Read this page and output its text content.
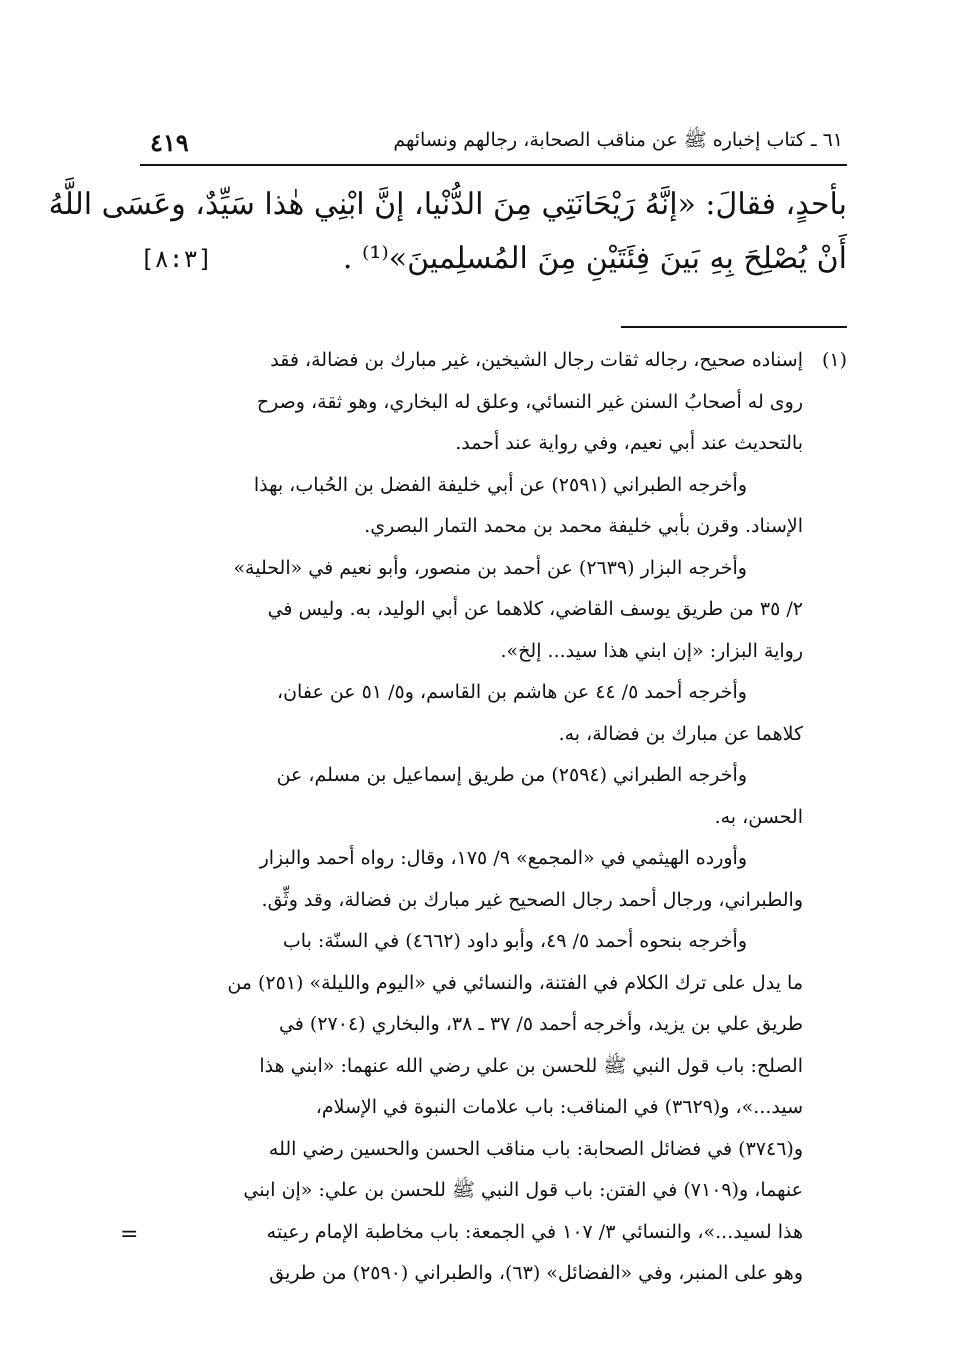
٦١ ـ كتاب إخباره ﷺ عن مناقب الصحابة، رجالهم ونسائهم
٤١٩
بأحدٍ، فقالَ: «إنَّهُ رَيْحَانَتِي مِنَ الدُّنْيا، إنَّ ابْنِي هٰذا سَيِّدٌ، وعَسَى اللَّهُ
أَنْ يُصْلِحَ بِهِ بَينَ فِئَتَيْنِ مِنَ المُسلِمينَ»⁽¹⁾ .
[٨:٣]
(١)
إسناده صحيح، رجاله ثقات رجال الشيخين، غير مبارك بن فضالة، فقد
روى له أصحابُ السنن غير النسائي، وعلق له البخاري، وهو ثقة، وصرح
بالتحديث عند أبي نعيم، وفي رواية عند أحمد.
وأخرجه الطبراني (٢٥٩١) عن أبي خليفة الفضل بن الحُباب، بهذا
الإسناد. وقرن بأبي خليفة محمد بن محمد التمار البصري.
وأخرجه البزار (٢٦٣٩) عن أحمد بن منصور، وأبو نعيم في «الحلية»
٢/ ٣٥ من طريق يوسف القاضي، كلاهما عن أبي الوليد، به. وليس في
رواية البزار: «إن ابني هذا سيد... إلخ».
وأخرجه أحمد ٥/ ٤٤ عن هاشم بن القاسم، و٥/ ٥١ عن عفان،
كلاهما عن مبارك بن فضالة، به.
وأخرجه الطبراني (٢٥٩٤) من طريق إسماعيل بن مسلم، عن
الحسن، به.
وأورده الهيثمي في «المجمع» ٩/ ١٧٥، وقال: رواه أحمد والبزار
والطبراني، ورجال أحمد رجال الصحيح غير مبارك بن فضالة، وقد وثِّق.
وأخرجه بنحوه أحمد ٥/ ٤٩، وأبو داود (٤٦٦٢) في السنّة: باب
ما يدل على ترك الكلام في الفتنة، والنسائي في «اليوم والليلة» (٢٥١) من
طريق علي بن يزيد، وأخرجه أحمد ٥/ ٣٧ ـ ٣٨، والبخاري (٢٧٠٤) في
الصلح: باب قول النبي ﷺ للحسن بن علي رضي الله عنهما: «ابني هذا
سيد...»، و(٣٦٢٩) في المناقب: باب علامات النبوة في الإسلام،
و(٣٧٤٦) في فضائل الصحابة: باب مناقب الحسن والحسين رضي الله
عنهما، و(٧١٠٩) في الفتن: باب قول النبي ﷺ للحسن بن علي: «إن ابني
هذا لسيد...»، والنسائي ٣/ ١٠٧ في الجمعة: باب مخاطبة الإمام رعيته
وهو على المنبر، وفي «الفضائل» (٦٣)، والطبراني (٢٥٩٠) من طريق
=
